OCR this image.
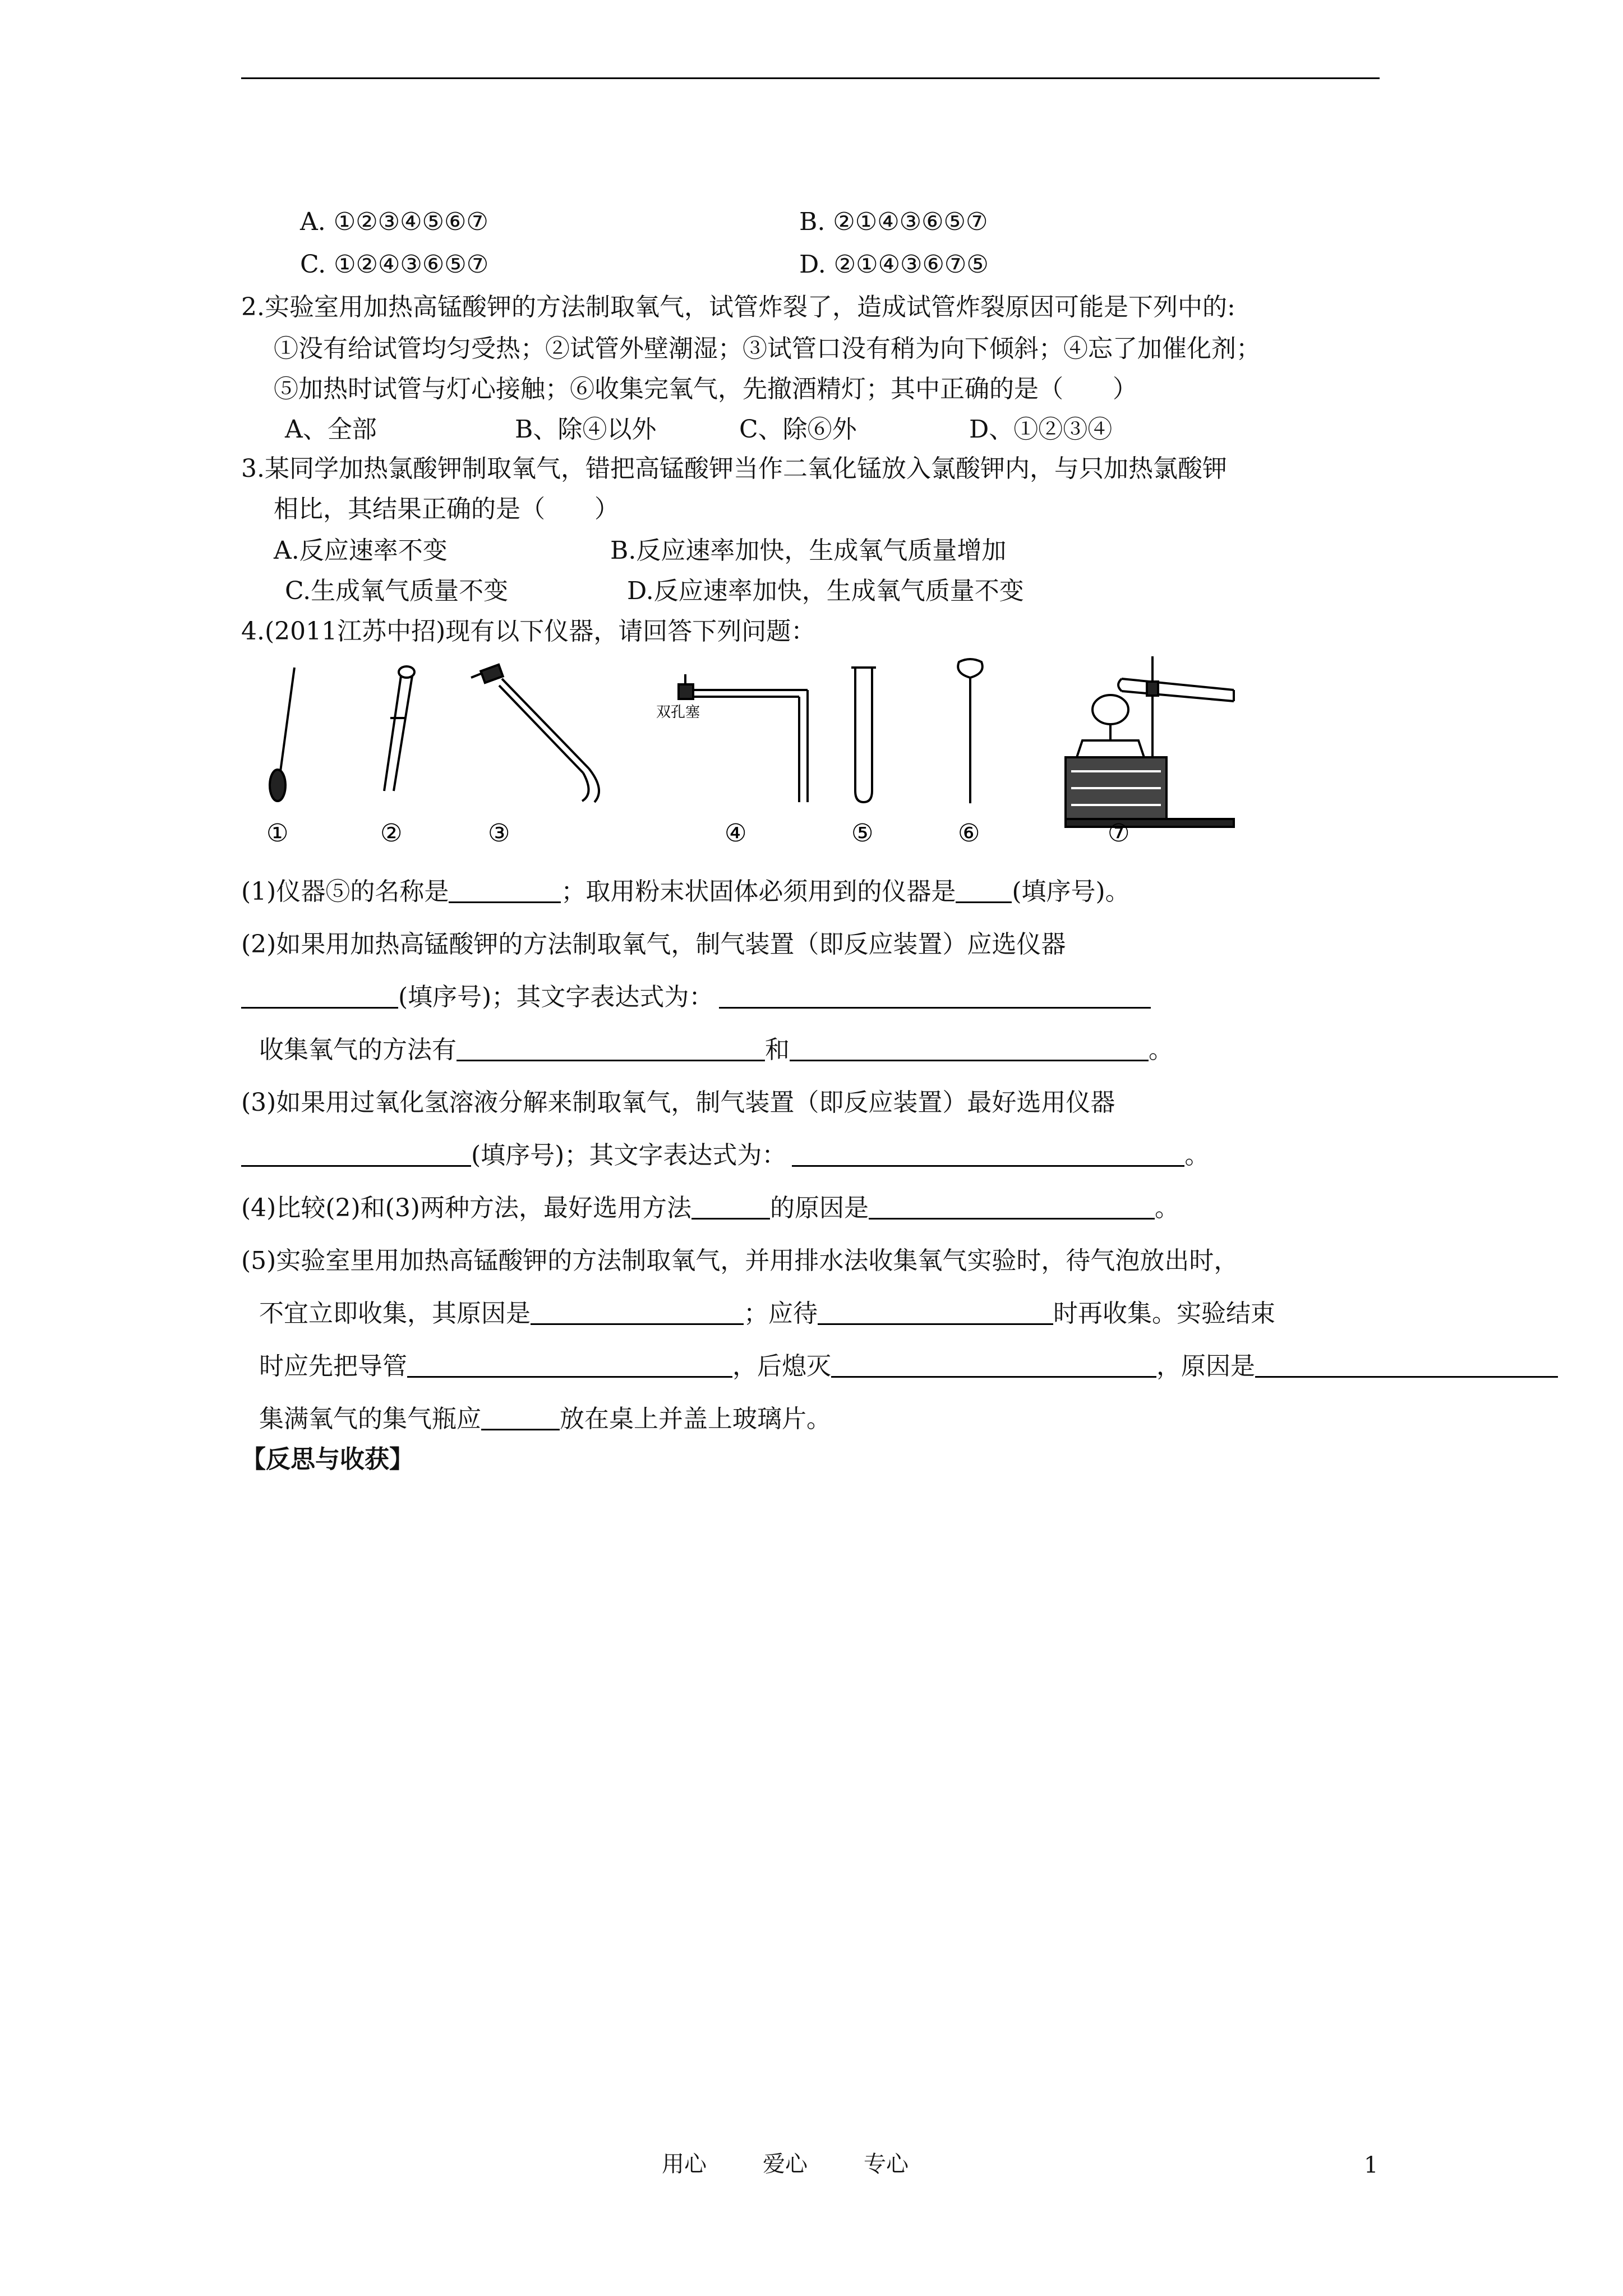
A. ①②③④⑤⑥⑦	B. ②①④③⑥⑤⑦
C. ①②④③⑥⑤⑦	D. ②①④③⑥⑦⑤
2.实验室用加热高锰酸钾的方法制取氧气，试管炸裂了，造成试管炸裂原因可能是下列中的:
①没有给试管均匀受热；②试管外壁潮湿；③试管口没有稍为向下倾斜；④忘了加催化剂；
⑤加热时试管与灯心接触；⑥收集完氧气，先撤酒精灯；其中正确的是（　　）
A、全部	B、除④以外	C、除⑥外	D、①②③④
3.某同学加热氯酸钾制取氧气，错把高锰酸钾当作二氧化锰放入氯酸钾内，与只加热氯酸钾
相比，其结果正确的是（　　）
A.反应速率不变	B.反应速率加快，生成氧气质量增加
C.生成氧气质量不变	D.反应速率加快，生成氧气质量不变
4.(2011江苏中招)现有以下仪器，请回答下列问题：
双孔塞
①	②	③	④	⑤	⑥	⑦
(1)仪器⑤的名称是	；取用粉末状固体必须用到的仪器是 (填序号)。
(2)如果用加热高锰酸钾的方法制取氧气，制气装置（即反应装置）应选仪器
(填序号)；其文字表达式为：
收集氧气的方法有	和	。
(3)如果用过氧化氢溶液分解来制取氧气，制气装置（即反应装置）最好选用仪器
(填序号)；其文字表达式为：	。
(4)比较(2)和(3)两种方法，最好选用方法	的原因是	。
(5)实验室里用加热高锰酸钾的方法制取氧气，并用排水法收集氧气实验时，待气泡放出时，
不宜立即收集，其原因是	；应待	时再收集。实验结束
时应先把导管	，后熄灭	，原因是
集满氧气的集气瓶应	放在桌上并盖上玻璃片。
【反思与收获】
用心	爱心	专心	1
